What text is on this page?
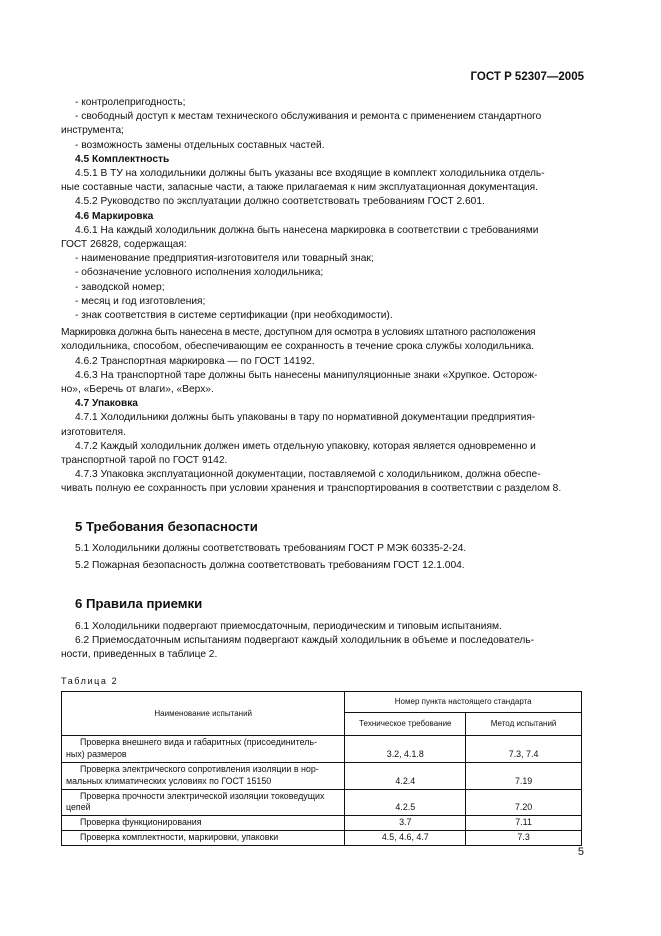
ГОСТ Р 52307—2005

- контролепригодность;

- свободный доступ к местам технического обслуживания и ремонта с применением стандартного

инструмента;

- возможность замены отдельных составных частей.

4.5 Комплектность

4.5.1 В ТУ на холодильники должны быть указаны все входящие в комплект холодильника отдель-

ные составные части, запасные части, а также прилагаемая к ним эксплуатационная документация.

4.5.2 Руководство по эксплуатации должно соответствовать требованиям ГОСТ 2.601.

4.6 Маркировка

4.6.1 На каждый холодильник должна быть нанесена маркировка в соответствии с требованиями

ГОСТ 26828, содержащая:

- наименование предприятия-изготовителя или товарный знак;

- обозначение условного исполнения холодильника;

- заводской номер;

- месяц и год изготовления;

- знак соответствия в системе сертификации (при необходимости).

Маркировка должна быть нанесена в месте, доступном для осмотра в условиях штатного расположения

холодильника, способом, обеспечивающим ее сохранность в течение срока службы холодильника.

4.6.2 Транспортная маркировка — по ГОСТ 14192.

4.6.3 На транспортной таре должны быть нанесены манипуляционные знаки «Хрупкое. Осторож-

но», «Беречь от влаги», «Верх».

4.7 Упаковка

4.7.1 Холодильники должны быть упакованы в тару по нормативной документации предприятия-

изготовителя.

4.7.2 Каждый холодильник должен иметь отдельную упаковку, которая является одновременно и

транспортной тарой по ГОСТ 9142.

4.7.3 Упаковка эксплуатационной документации, поставляемой с холодильником, должна обеспе-

чивать полную ее сохранность при условии хранения и транспортирования в соответствии с разделом 8.

5 Требования безопасности

5.1 Холодильники должны соответствовать требованиям ГОСТ Р МЭК 60335-2-24.

5.2 Пожарная безопасность должна соответствовать требованиям ГОСТ 12.1.004.

6 Правила приемки

6.1 Холодильники подвергают приемосдаточным, периодическим и типовым испытаниям.

6.2 Приемосдаточным испытаниям подвергают каждый холодильник в объеме и последователь-

ности, приведенных в таблице 2.

Таблица 2

Наименование испытаний	Номер пункта настоящего стандарта	
	Техническое требование	Метод испытаний

Проверка внешнего вида и габаритных (присоединитель-
ных) размеров	3.2, 4.1.8	7.3, 7.4

Проверка электрического сопротивления изоляции в нор-
мальных климатических условиях по ГОСТ 15150	4.2.4	7.19

Проверка прочности электрической изоляции токоведущих
цепей	4.2.5	7.20

Проверка функционирования	3.7	7.11

Проверка комплектности, маркировки, упаковки	4.5, 4.6, 4.7	7.3
5
